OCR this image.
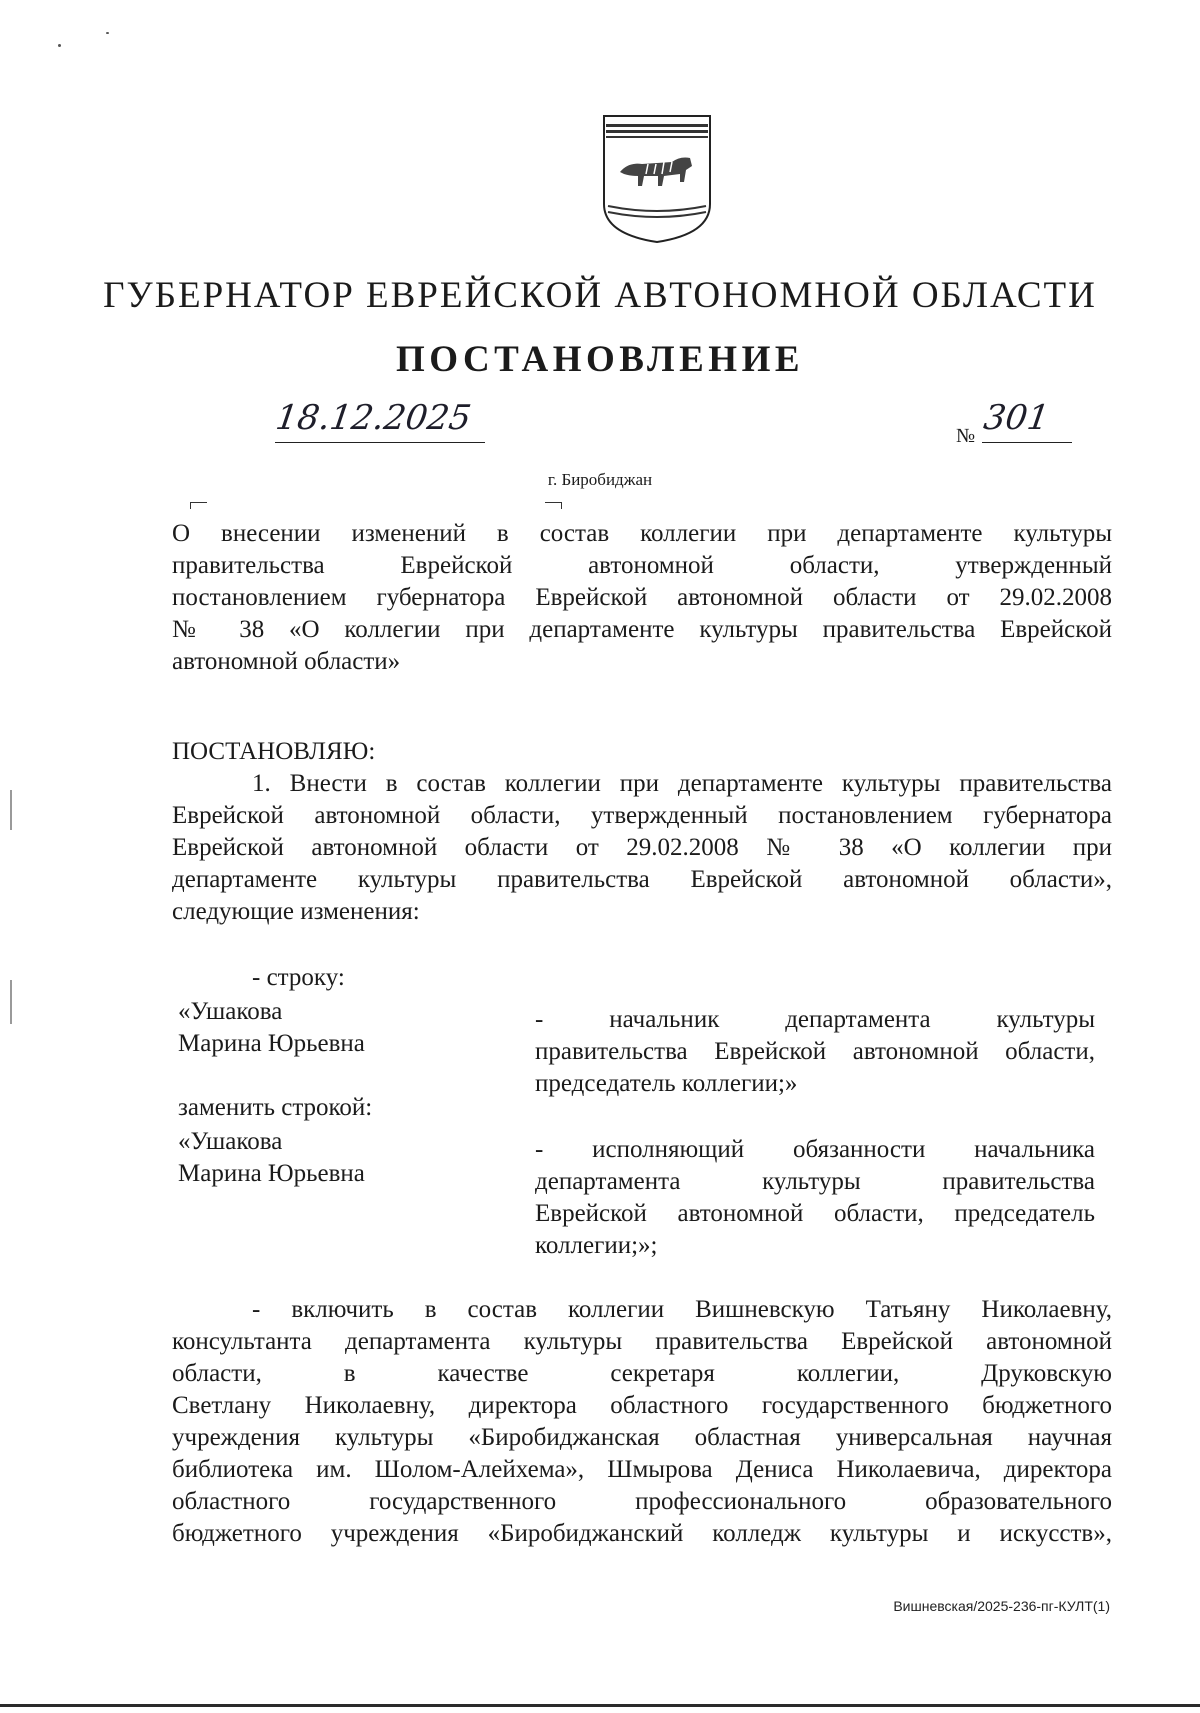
ГУБЕРНАТОР ЕВРЕЙСКОЙ АВТОНОМНОЙ ОБЛАСТИ
ПОСТАНОВЛЕНИЕ
18.12.2025	№ 301
г. Биробиджан
О внесении изменений в состав коллегии при департаменте культуры
правительства Еврейской автономной области, утвержденный
постановлением губернатора Еврейской автономной области от 29.02.2008
№ 38 «О коллегии при департаменте культуры правительства Еврейской
автономной области»
ПОСТАНОВЛЯЮ:
1. Внести в состав коллегии при департаменте культуры правительства
Еврейской автономной области, утвержденный постановлением губернатора
Еврейской автономной области от 29.02.2008 № 38 «О коллегии при
департаменте культуры правительства Еврейской автономной области»,
следующие изменения:
- строку:
«Ушакова
Марина Юрьевна
- начальник департамента культуры
правительства Еврейской автономной области,
председатель коллегии;»
заменить строкой:
«Ушакова
Марина Юрьевна
- исполняющий обязанности начальника
департамента культуры правительства
Еврейской автономной области, председатель
коллегии;»;
- включить в состав коллегии Вишневскую Татьяну Николаевну,
консультанта департамента культуры правительства Еврейской автономной
области, в качестве секретаря коллегии, Друковскую
Светлану Николаевну, директора областного государственного бюджетного
учреждения культуры «Биробиджанская областная универсальная научная
библиотека им. Шолом-Алейхема», Шмырова Дениса Николаевича, директора
областного государственного профессионального образовательного
бюджетного учреждения «Биробиджанский колледж культуры и искусств»,
Вишневская/2025-236-пг-КУЛТ(1)
